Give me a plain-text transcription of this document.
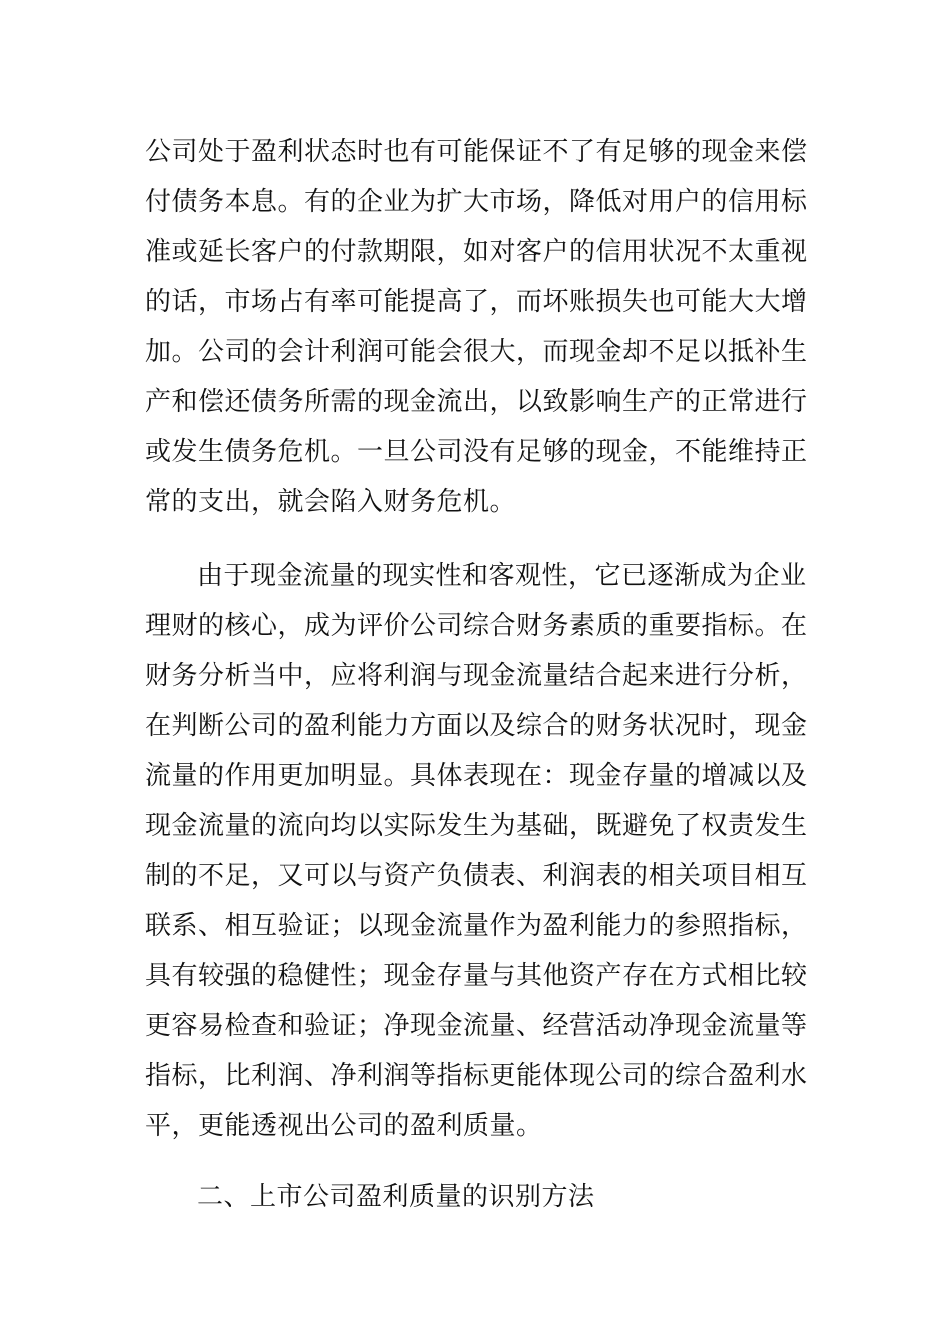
公司处于盈利状态时也有可能保证不了有足够的现金来偿
付债务本息。有的企业为扩大市场，降低对用户的信用标
准或延长客户的付款期限，如对客户的信用状况不太重视
的话，市场占有率可能提高了，而坏账损失也可能大大增
加。公司的会计利润可能会很大，而现金却不足以抵补生
产和偿还债务所需的现金流出，以致影响生产的正常进行
或发生债务危机。一旦公司没有足够的现金，不能维持正
常的支出，就会陷入财务危机。
由于现金流量的现实性和客观性，它已逐渐成为企业
理财的核心，成为评价公司综合财务素质的重要指标。在
财务分析当中，应将利润与现金流量结合起来进行分析，
在判断公司的盈利能力方面以及综合的财务状况时，现金
流量的作用更加明显。具体表现在：现金存量的增减以及
现金流量的流向均以实际发生为基础，既避免了权责发生
制的不足，又可以与资产负债表、利润表的相关项目相互
联系、相互验证；以现金流量作为盈利能力的参照指标，
具有较强的稳健性；现金存量与其他资产存在方式相比较
更容易检查和验证；净现金流量、经营活动净现金流量等
指标，比利润、净利润等指标更能体现公司的综合盈利水
平，更能透视出公司的盈利质量。
二、上市公司盈利质量的识别方法
